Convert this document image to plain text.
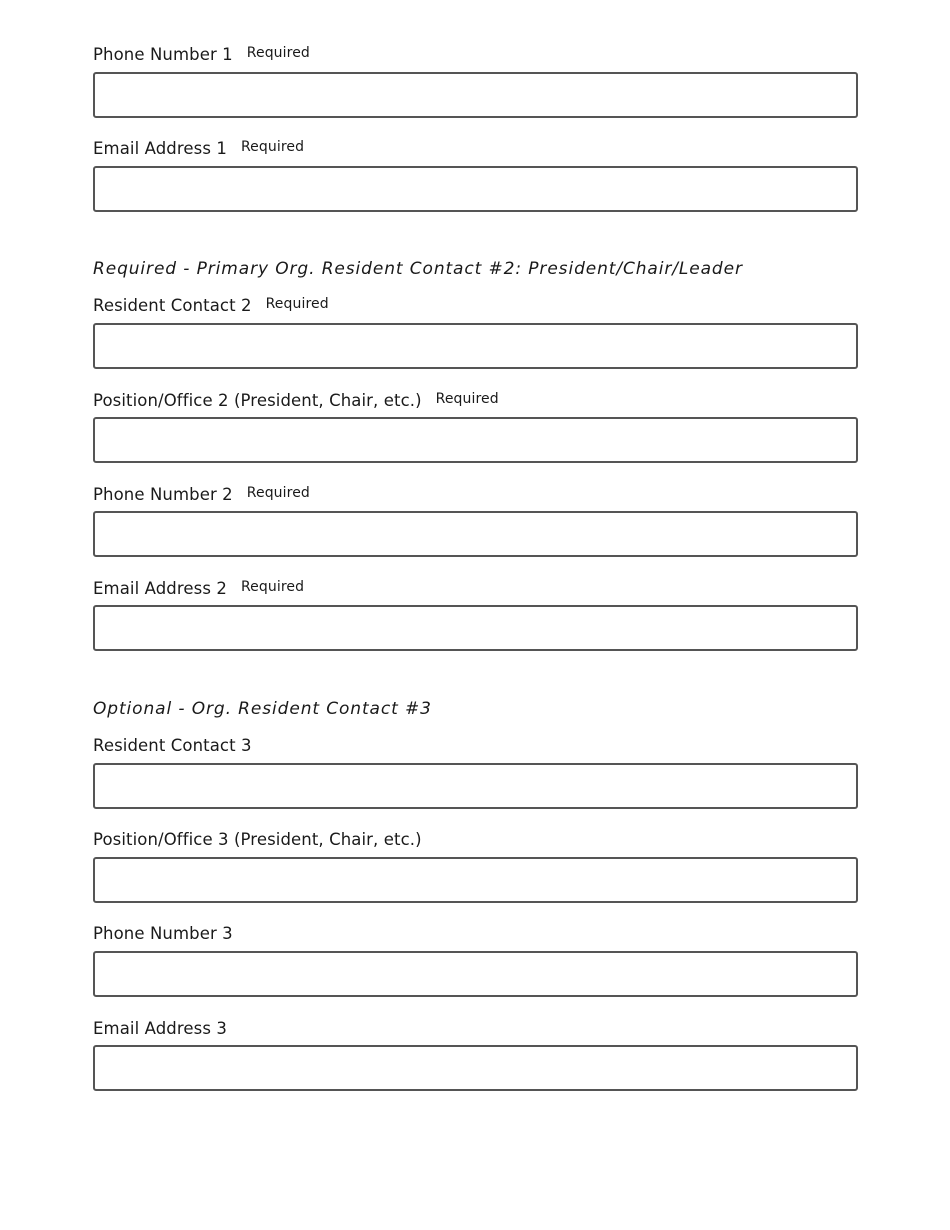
Phone Number 1 Required
Email Address 1 Required
Required - Primary Org. Resident Contact #2: President/Chair/Leader
Resident Contact 2 Required
Position/Office 2 (President, Chair, etc.) Required
Phone Number 2 Required
Email Address 2 Required
Optional - Org. Resident Contact #3
Resident Contact 3
Position/Office 3 (President, Chair, etc.)
Phone Number 3
Email Address 3
